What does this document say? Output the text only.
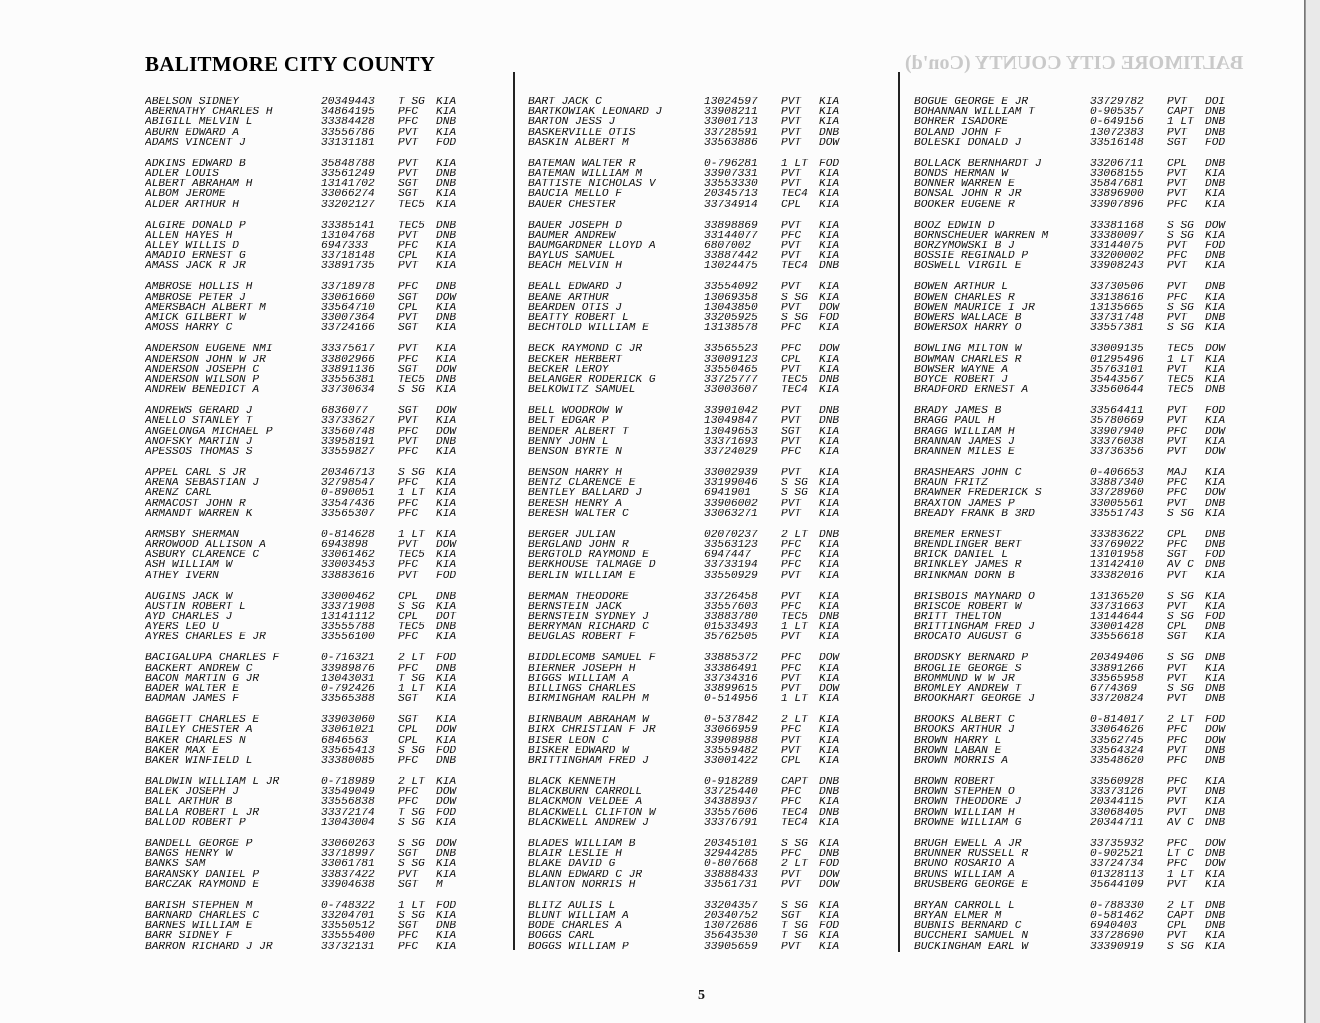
BALTIMORE CITY COUNTY (Con'd)
BALITMORE CITY COUNTY
ABELSON SIDNEY	20349443	T SG KIA
ABERNATHY CHARLES H	34864195	PFC	KIA
ABIGILL MELVIN L	33384428	PFC	DNB
ABURN EDWARD A	33556786	PVT	KIA
ADAMS VINCENT J	33131181	PVT	FOD
ADKINS EDWARD B	35848788	PVT	KIA
ADLER LOUIS	33561249	PVT	DNB
ALBERT ABRAHAM H	13141702	SGT	DNB
ALBOM JEROME	33066274	SGT	KIA
ALDER ARTHUR H	33202127	TEC5 KIA
ALGIRE DONALD P	33385141	TEC5 DNB
ALLEN HAYES H	13104768	PVT	DNB
ALLEY WILLIS D	6947333	PFC	KIA
AMADIO ERNEST G	33718148	CPL	KIA
AMASS JACK R JR	33891735	PVT	KIA
AMBROSE HOLLIS H	33718978	PFC	DNB
AMBROSE PETER J	33061660	SGT	DOW
AMERSBACH ALBERT M	33564710	CPL	KIA
AMICK GILBERT W	33007364	PVT	DNB
AMOSS HARRY C	33724166	SGT	KIA
ANDERSON EUGENE NMI	33375617	PVT	KIA
ANDERSON JOHN W JR	33802966	PFC	KIA
ANDERSON JOSEPH C	33891136	SGT	DOW
ANDERSON WILSON P	33556381	TEC5 DNB
ANDREW BENEDICT A	33730634	S SG KIA
ANDREWS GERARD J	6836077	SGT	DOW
ANELLO STANLEY T	33733627	PVT	KIA
ANGELONGA MICHAEL P	33560748	PFC	DOW
ANOFSKY MARTIN J	33958191	PVT	DNB
APESSOS THOMAS S	33559827	PFC	KIA
APPEL CARL S JR	20346713	S SG KIA
ARENA SEBASTIAN J	32798547	PFC	KIA
ARENZ CARL	0-890051	1 LT KIA
ARMACOST JOHN R	33547436	PFC	KIA
ARMANDT WARREN K	33565307	PFC	KIA
ARMSBY SHERMAN	0-814628	1 LT KIA
ARROWOOD ALLISON A	6943898	PVT	DOW
ASBURY CLARENCE C	33061462	TEC5 KIA
ASH WILLIAM W	33003453	PFC	KIA
ATHEY IVERN	33883616	PVT	FOD
AUGINS JACK W	33000462	CPL	DNB
AUSTIN ROBERT L	33371908	S SG KIA
AYD CHARLES J	13141112	CPL	DOT
AYERS LEO U	33555788	TEC5 DNB
AYRES CHARLES E JR	33556100	PFC	KIA
BACIGALUPA CHARLES F	0-716321	2 LT FOD
BACKERT ANDREW C	33989876	PFC	DNB
BACON MARTIN G JR	13043031	T SG KIA
BADER WALTER E	0-792426	1 LT KIA
BADMAN JAMES F	33565388	SGT	KIA
BAGGETT CHARLES E	33903060	SGT	KIA
BAILEY CHESTER A	33061021	CPL	DOW
BAKER CHARLES N	6846563	CPL	KIA
BAKER MAX E	33565413	S SG FOD
BAKER WINFIELD L	33380085	PFC	DNB
BALDWIN WILLIAM L JR	0-718989	2 LT KIA
BALEK JOSEPH J	33549049	PFC	DOW
BALL ARTHUR B	33556838	PFC	DOW
BALLA ROBERT L JR	33372174	T SG FOD
BALLOD ROBERT P	13043004	S SG KIA
BANDELL GEORGE P	33060263	S SG DOW
BANGS HENRY W	33718997	SGT	DNB
BANKS SAM	33061781	S SG KIA
BARANSKY DANIEL P	33837422	PVT	KIA
BARCZAK RAYMOND E	33904638	SGT	M
BARISH STEPHEN M	0-748322	1 LT FOD
BARNARD CHARLES C	33204701	S SG KIA
BARNES WILLIAM E	33550512	SGT	DNB
BARR SIDNEY F	33555400	PFC	KIA
BARRON RICHARD J JR	33732131	PFC	KIA
BART JACK C	13024597	PVT	KIA
BARTKOWIAK LEONARD J	33908211	PVT	KIA
BARTON JESS J	33001713	PVT	KIA
BASKERVILLE OTIS	33728591	PVT	DNB
BASKIN ALBERT M	33563886	PVT	DOW
BATEMAN WALTER R	0-796281	1 LT FOD
BATEMAN WILLIAM M	33907331	PVT	KIA
BATTISTE NICHOLAS V	33553330	PVT	KIA
BAUCIA MELLO F	20345713	TEC4 KIA
BAUER CHESTER	33734914	CPL	KIA
BAUER JOSEPH D	33898869	PVT	KIA
BAUMER ANDREW	33144077	PFC	KIA
BAUMGARDNER LLOYD A	6807002	PVT	KIA
BAYLUS SAMUEL	33887442	PVT	KIA
BEACH MELVIN H	13024475	TEC4 DNB
BEALL EDWARD J	33554092	PVT	KIA
BEANE ARTHUR	13069358	S SG KIA
BEARDEN OTIS J	13043850	PVT	DOW
BEATTY ROBERT L	33205925	S SG FOD
BECHTOLD WILLIAM E	13138578	PFC	KIA
BECK RAYMOND C JR	33565523	PFC	DOW
BECKER HERBERT	33009123	CPL	KIA
BECKER LEROY	33550465	PVT	KIA
BELANGER RODERICK G	33725777	TEC5 DNB
BELKOWITZ SAMUEL	33003607	TEC4 KIA
BELL WOODROW W	33901042	PVT	DNB
BELT EDGAR P	13049847	PVT	DNB
BENDER ALBERT T	13049653	SGT	KIA
BENNY JOHN L	33371693	PVT	KIA
BENSON BYRTE N	33724029	PFC	KIA
BENSON HARRY H	33002939	PVT	KIA
BENTZ CLARENCE E	33199046	S SG KIA
BENTLEY BALLARD J	6941901	S SG KIA
BERESH HENRY A	33906002	PVT	KIA
BERESH WALTER C	33063271	PVT	KIA
BERGER JULIAN	02070237	2 LT DNB
BERGLAND JOHN R	33563123	PFC	KIA
BERGTOLD RAYMOND E	6947447	PFC	KIA
BERKHOUSE TALMAGE D	33733194	PFC	KIA
BERLIN WILLIAM E	33550929	PVT	KIA
BERMAN THEODORE	33726458	PVT	KIA
BERNSTEIN JACK	33557603	PFC	KIA
BERNSTEIN SYDNEY J	33883780	TEC5 DNB
BERRYMAN RICHARD C	01533493	1 LT KIA
BEUGLAS ROBERT F	35762505	PVT	KIA
BIDDLECOMB SAMUEL F	33885372	PFC	DOW
BIERNER JOSEPH H	33386491	PFC	KIA
BIGGS WILLIAM A	33734316	PVT	KIA
BILLINGS CHARLES	33899615	PVT	DOW
BIRMINGHAM RALPH M	0-514956	1 LT KIA
BIRNBAUM ABRAHAM W	0-537842	2 LT KIA
BIRX CHRISTIAN F JR	33066959	PFC	KIA
BISER LEON C	33908988	PVT	KIA
BISKER EDWARD W	33559482	PVT	KIA
BRITTINGHAM FRED J	33001422	CPL	KIA
BLACK KENNETH	0-918289	CAPT DNB
BLACKBURN CARROLL	33725440	PFC	DNB
BLACKMON VELDEE A	34388937	PFC	KIA
BLACKWELL CLIFTON W	33557606	TEC4 DNB
BLACKWELL ANDREW J	33376791	TEC4 KIA
BLADES WILLIAM B	20345101	S SG KIA
BLAIR LESLIE H	32944285	PFC	DNB
BLAKE DAVID G	0-807668	2 LT FOD
BLANN EDWARD C JR	33888433	PVT	DOW
BLANTON NORRIS H	33561731	PVT	DOW
BLITZ AULIS L	33204357	S SG KIA
BLUNT WILLIAM A	20340752	SGT	KIA
BODE CHARLES A	13072686	T SG FOD
BOGGS CARL	35643530	T SG KIA
BOGGS WILLIAM P	33905659	PVT	KIA
BOGUE GEORGE E JR	33729782	PVT	DOI
BOHANNAN WILLIAM T	0-905357	CAPT DNB
BOHRER ISADORE	0-649156	1 LT DNB
BOLAND JOHN F	13072383	PVT	DNB
BOLESKI DONALD J	33516148	SGT	FOD
BOLLACK BERNHARDT J	33206711	CPL	DNB
BONDS HERMAN W	33068155	PVT	KIA
BONNER WARREN E	35847681	PVT	DNB
BONSAL JOHN R JR	33896900	PVT	KIA
BOOKER EUGENE R	33907896	PFC	KIA
BOOZ EDWIN D	33381168	S SG DOW
BORNSCHEUER WARREN M	33380097	S SG KIA
BORZYMOWSKI B J	33144075	PVT	FOD
BOSSIE REGINALD P	33200002	PFC	DNB
BOSWELL VIRGIL E	33908243	PVT	KIA
BOWEN ARTHUR L	33730506	PVT	DNB
BOWEN CHARLES R	33138616	PFC	KIA
BOWEN MAURICE I JR	13135665	S SG KIA
BOWERS WALLACE B	33731748	PVT	DNB
BOWERSOX HARRY O	33557381	S SG KIA
BOWLING MILTON W	33009135	TEC5 DOW
BOWMAN CHARLES R	01295496	1 LT KIA
BOWSER WAYNE A	35763101	PVT	KIA
BOYCE ROBERT J	35443567	TEC5 KIA
BRADFORD ERNEST A	33560644	TEC5 DNB
BRADY JAMES B	33564411	PVT	FOD
BRAGG PAUL H	35780669	PVT	KIA
BRAGG WILLIAM H	33907940	PFC	DOW
BRANNAN JAMES J	33376038	PVT	KIA
BRANNEN MILES E	33736356	PVT	DOW
BRASHEARS JOHN C	0-406653	MAJ	KIA
BRAUN FRITZ	33887340	PFC	KIA
BRAWNER FREDERICK S	33728960	PFC	DOW
BRAXTON JAMES P	33005561	PVT	DNB
BREADY FRANK B 3RD	33551743	S SG KIA
BREMER ERNEST	33383622	CPL	DNB
BRENDLINGER BERT	33769022	PFC	DNB
BRICK DANIEL L	13101958	SGT	FOD
BRINKLEY JAMES R	13142410	AV C DNB
BRINKMAN DORN B	33382016	PVT	KIA
BRISBOIS MAYNARD O	13136520	S SG KIA
BRISCOE ROBERT W	33731663	PVT	KIA
BRITT THELTON	13144644	S SG FOD
BRITTINGHAM FRED J	33001428	CPL	DNB
BROCATO AUGUST G	33556618	SGT	KIA
BRODSKY BERNARD P	20349406	S SG DNB
BROGLIE GEORGE S	33891266	PVT	KIA
BROMMUND W W JR	33565958	PVT	KIA
BROMLEY ANDREW T	6774369	S SG DNB
BROOKHART GEORGE J	33720824	PVT	DNB
BROOKS ALBERT C	0-814017	2 LT FOD
BROOKS ARTHUR J	33064626	PFC	DOW
BROWN HARRY L	33562745	PFC	DOW
BROWN LABAN E	33564324	PVT	DNB
BROWN MORRIS A	33548620	PFC	DNB
BROWN ROBERT	33560928	PFC	KIA
BROWN STEPHEN O	33373126	PVT	DNB
BROWN THEODORE J	20344115	PVT	KIA
BROWN WILLIAM H	33068405	PVT	DNB
BROWNE WILLIAM G	20344711	AV C DNB
BRUGH EWELL A JR	33735932	PFC	DOW
BRUNNER RUSSELL R	0-902521	LT C DNB
BRUNO ROSARIO A	33724734	PFC	DOW
BRUNS WILLIAM A	01328113	1 LT KIA
BRUSBERG GEORGE E	35644109	PVT	KIA
BRYAN CARROLL L	0-788330	2 LT DNB
BRYAN ELMER M	0-581462	CAPT DNB
BUBNIS BERNARD C	6940403	CPL	DNB
BUCCHERI SAMUEL N	33728690	PVT	KIA
BUCKINGHAM EARL W	33390919	S SG KIA
5
